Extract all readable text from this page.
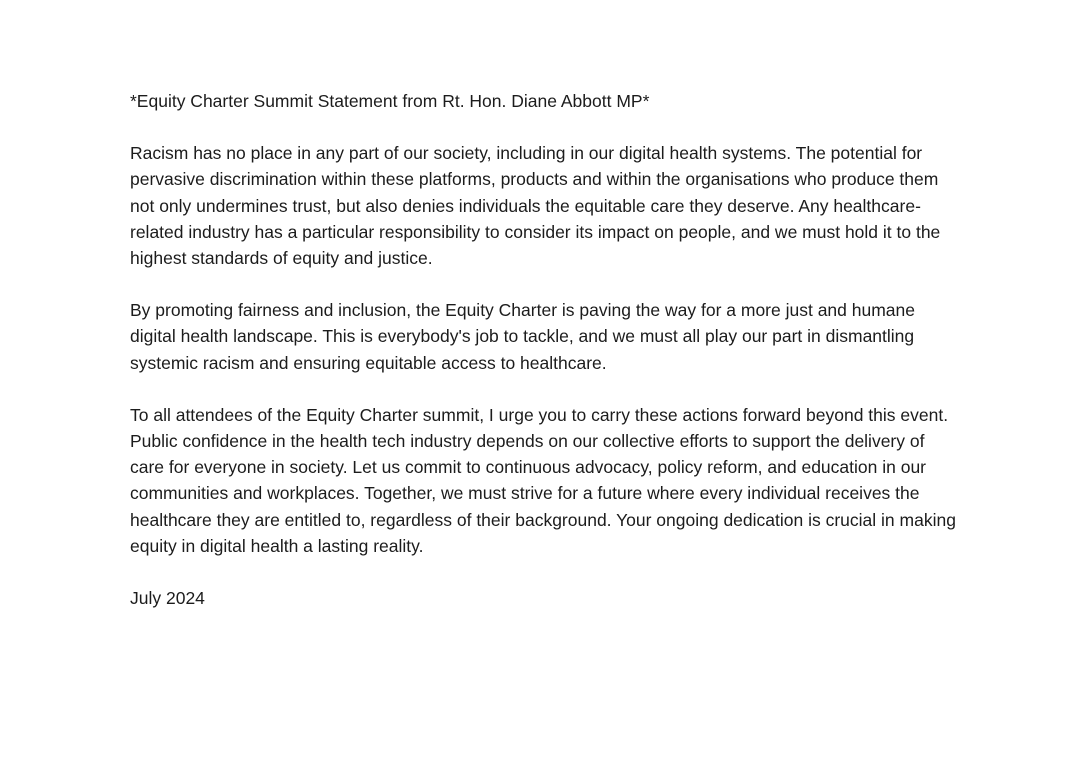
*Equity Charter Summit Statement from Rt. Hon. Diane Abbott MP*

Racism has no place in any part of our society, including in our digital health systems. The potential for pervasive discrimination within these platforms, products and within the organisations who produce them not only undermines trust, but also denies individuals the equitable care they deserve. Any healthcare-related industry has a particular responsibility to consider its impact on people, and we must hold it to the highest standards of equity and justice.

By promoting fairness and inclusion, the Equity Charter is paving the way for a more just and humane digital health landscape. This is everybody's job to tackle, and we must all play our part in dismantling systemic racism and ensuring equitable access to healthcare.

To all attendees of the Equity Charter summit, I urge you to carry these actions forward beyond this event. Public confidence in the health tech industry depends on our collective efforts to support the delivery of care for everyone in society. Let us commit to continuous advocacy, policy reform, and education in our communities and workplaces. Together, we must strive for a future where every individual receives the healthcare they are entitled to, regardless of their background. Your ongoing dedication is crucial in making equity in digital health a lasting reality.

July 2024
